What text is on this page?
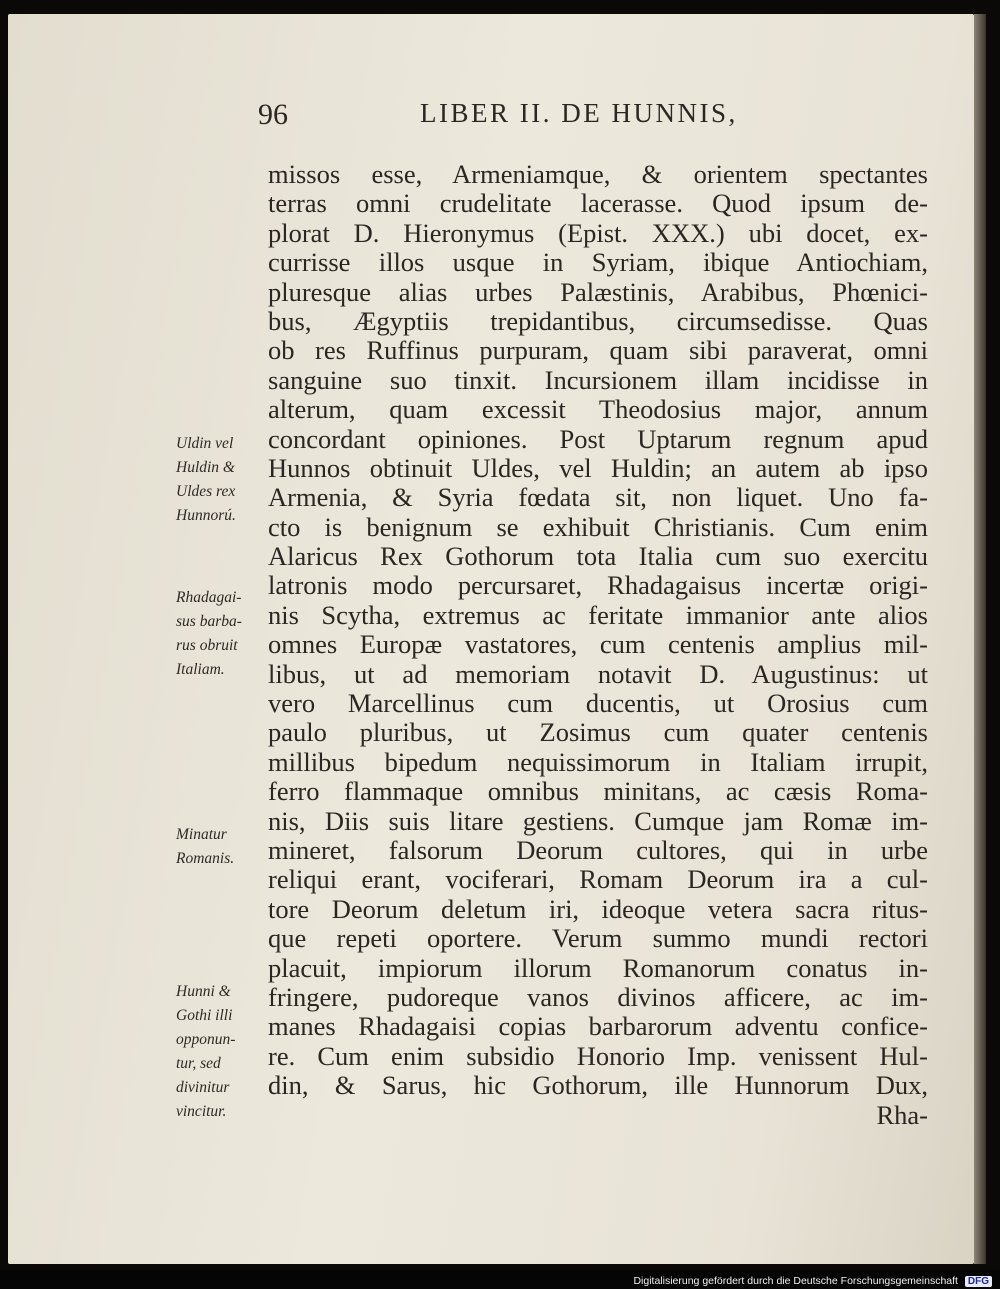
96	LIBER II. DE HUNNIS,
missos esse, Armeniamque, & orientem spectantes
terras omni crudelitate lacerasse. Quod ipsum de-
plorat D. Hieronymus (Epist. XXX.) ubi docet, ex-
currisse illos usque in Syriam, ibique Antiochiam,
pluresque alias urbes Palæstinis, Arabibus, Phœnici-
bus, Ægyptiis trepidantibus, circumsedisse. Quas
ob res Ruffinus purpuram, quam sibi paraverat, omni
sanguine suo tinxit. Incursionem illam incidisse in
alterum, quam excessit Theodosius major, annum
concordant opiniones. Post Uptarum regnum apud
Hunnos obtinuit Uldes, vel Huldin; an autem ab ipso
Armenia, & Syria fœdata sit, non liquet. Uno fa-
cto is benignum se exhibuit Christianis. Cum enim
Alaricus Rex Gothorum tota Italia cum suo exercitu
latronis modo percursaret, Rhadagaisus incertæ origi-
nis Scytha, extremus ac feritate immanior ante alios
omnes Europæ vastatores, cum centenis amplius mil-
libus, ut ad memoriam notavit D. Augustinus: ut
vero Marcellinus cum ducentis, ut Orosius cum
paulo pluribus, ut Zosimus cum quater centenis
millibus bipedum nequissimorum in Italiam irrupit,
ferro flammaque omnibus minitans, ac cæsis Roma-
nis, Diis suis litare gestiens. Cumque jam Romæ im-
mineret, falsorum Deorum cultores, qui in urbe
reliqui erant, vociferari, Romam Deorum ira a cul-
tore Deorum deletum iri, ideoque vetera sacra ritus-
que repeti oportere. Verum summo mundi rectori
placuit, impiorum illorum Romanorum conatus in-
fringere, pudoreque vanos divinos afficere, ac im-
manes Rhadagaisi copias barbarorum adventu confice-
re. Cum enim subsidio Honorio Imp. venissent Hul-
din, & Sarus, hic Gothorum, ille Hunnorum Dux,
Rha-
Uldin vel
Huldin &
Uldes rex
Hunnorú.
Rhadagai-
sus barba-
rus obruit
Italiam.
Minatur
Romanis.
Hunni &
Gothi illi
opponun-
tur, sed
divinitur
vincitur.
Digitalisierung gefördert durch die Deutsche Forschungsgemeinschaft DFG
